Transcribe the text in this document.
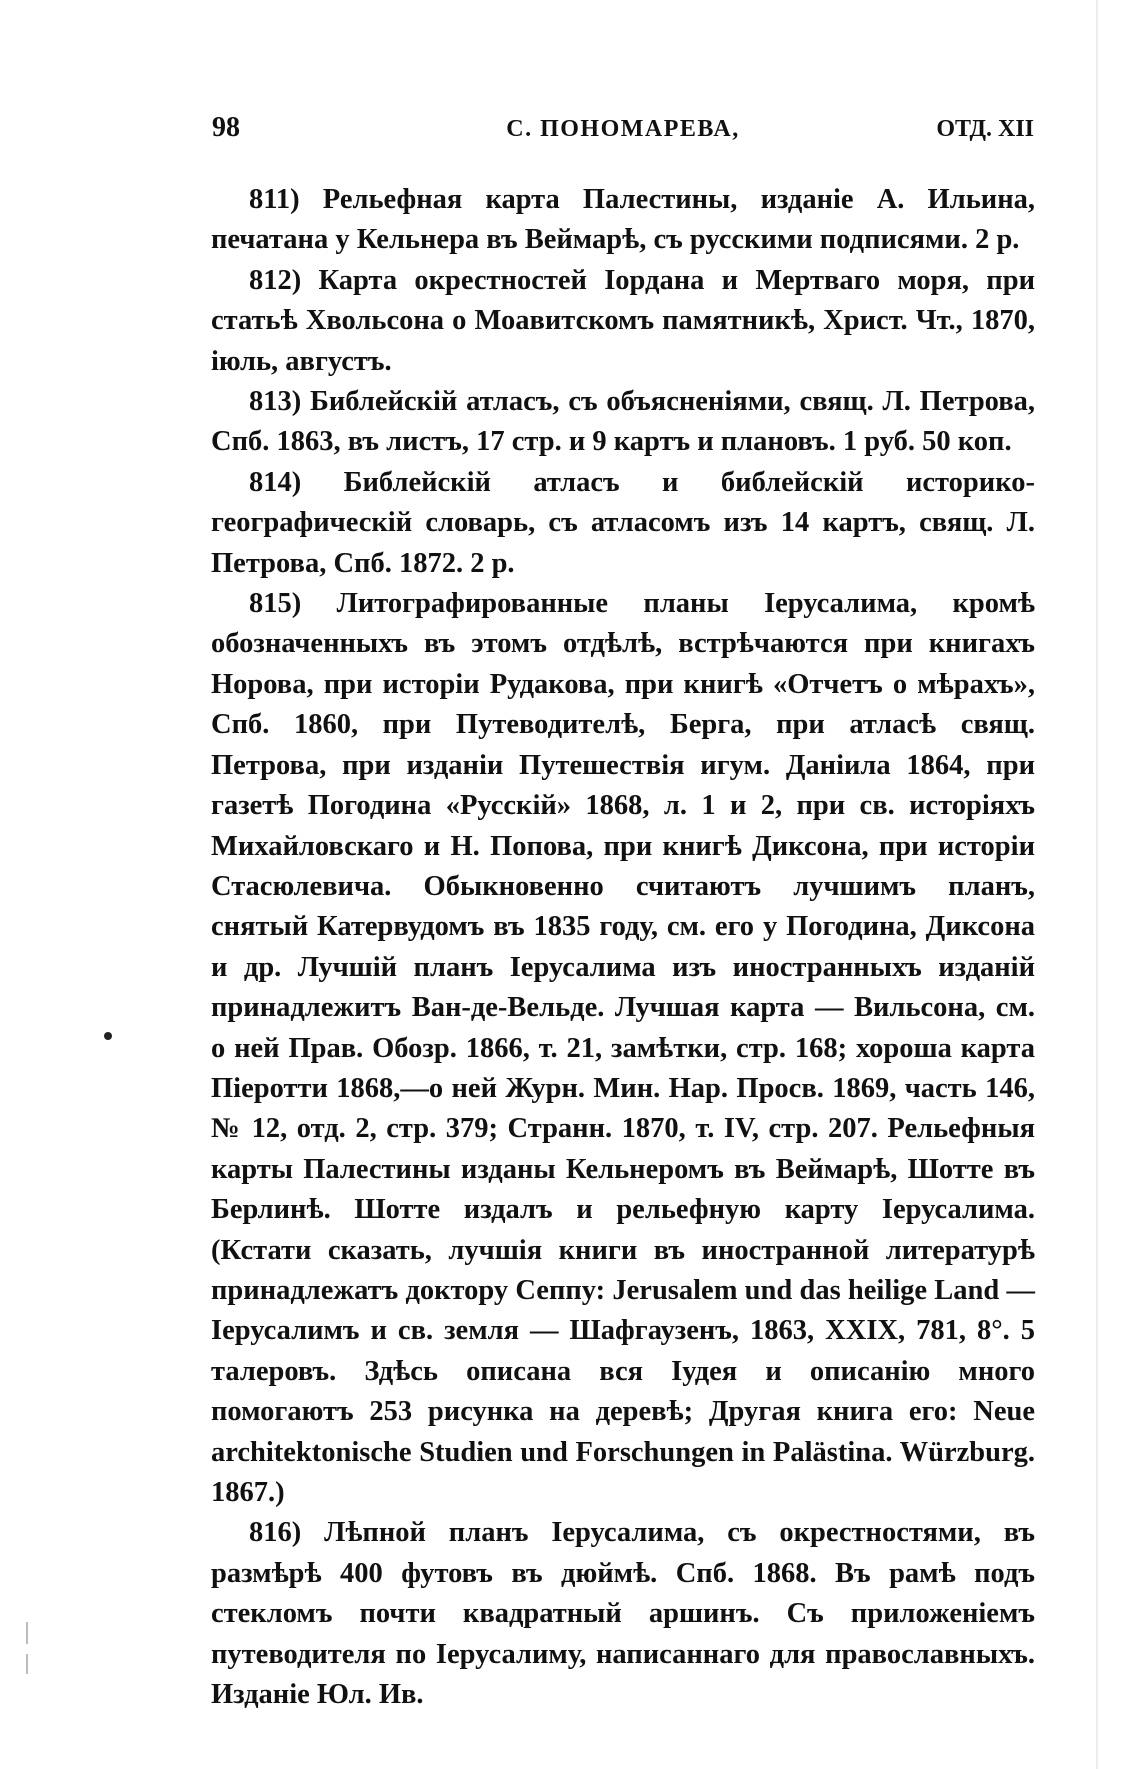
98	С. ПОНОМАРЕВА,	ОТД. XII

811) Рельефная карта Палестины, изданіе А. Ильина, печатана у Кельнера въ Веймарѣ, съ русскими подписями. 2 р.

812) Карта окрестностей Іордана и Мертваго моря, при статьѣ Хвольсона о Моавитскомъ памятникѣ, Христ. Чт., 1870, іюль, августъ.

813) Библейскій атласъ, съ объясненіями, свящ. Л. Петрова, Спб. 1863, въ листъ, 17 стр. и 9 картъ и плановъ. 1 руб. 50 коп.

814) Библейскій атласъ и библейскій историко-географическій словарь, съ атласомъ изъ 14 картъ, свящ. Л. Петрова, Спб. 1872. 2 р.

815) Литографированные планы Іерусалима, кромѣ обозначенныхъ въ этомъ отдѣлѣ, встрѣчаются при книгахъ Норова, при исторіи Рудакова, при книгѣ «Отчетъ о мѣрахъ», Спб. 1860, при Путеводителѣ, Берга, при атласѣ свящ. Петрова, при изданіи Путешествія игум. Даніила 1864, при газетѣ Погодина «Русскій» 1868, л. 1 и 2, при св. исторіяхъ Михайловскаго и Н. Попова, при книгѣ Диксона, при исторіи Стасюлевича. Обыкновенно считаютъ лучшимъ планъ, снятый Катервудомъ въ 1835 году, см. его у Погодина, Диксона и др. Лучшій планъ Іерусалима изъ иностранныхъ изданій принадлежитъ Ван-де-Вельде. Лучшая карта — Вильсона, см. о ней Прав. Обозр. 1866, т. 21, замѣтки, стр. 168; хороша карта Піеротти 1868,—о ней Журн. Мин. Нар. Просв. 1869, часть 146, № 12, отд. 2, стр. 379; Странн. 1870, т. IV, стр. 207. Рельефныя карты Палестины изданы Кельнеромъ въ Веймарѣ, Шотте въ Берлинѣ. Шотте издалъ и рельефную карту Іерусалима. (Кстати сказать, лучшія книги въ иностранной литературѣ принадлежатъ доктору Сеппу: Jerusalem und das heilige Land — Іерусалимъ и св. земля — Шафгаузенъ, 1863, XXIX, 781, 8°. 5 талеровъ. Здѣсь описана вся Іудея и описанію много помогаютъ 253 рисунка на деревѣ; Другая книга его: Neue architektonische Studien und Forschungen in Palästina. Würzburg. 1867.)

816) Лѣпной планъ Іерусалима, съ окрестностями, въ размѣрѣ 400 футовъ въ дюймѣ. Спб. 1868. Въ рамѣ подъ стекломъ почти квадратный аршинъ. Съ приложеніемъ путеводителя по Іерусалиму, написаннаго для православныхъ. Изданіе Юл. Ив.
